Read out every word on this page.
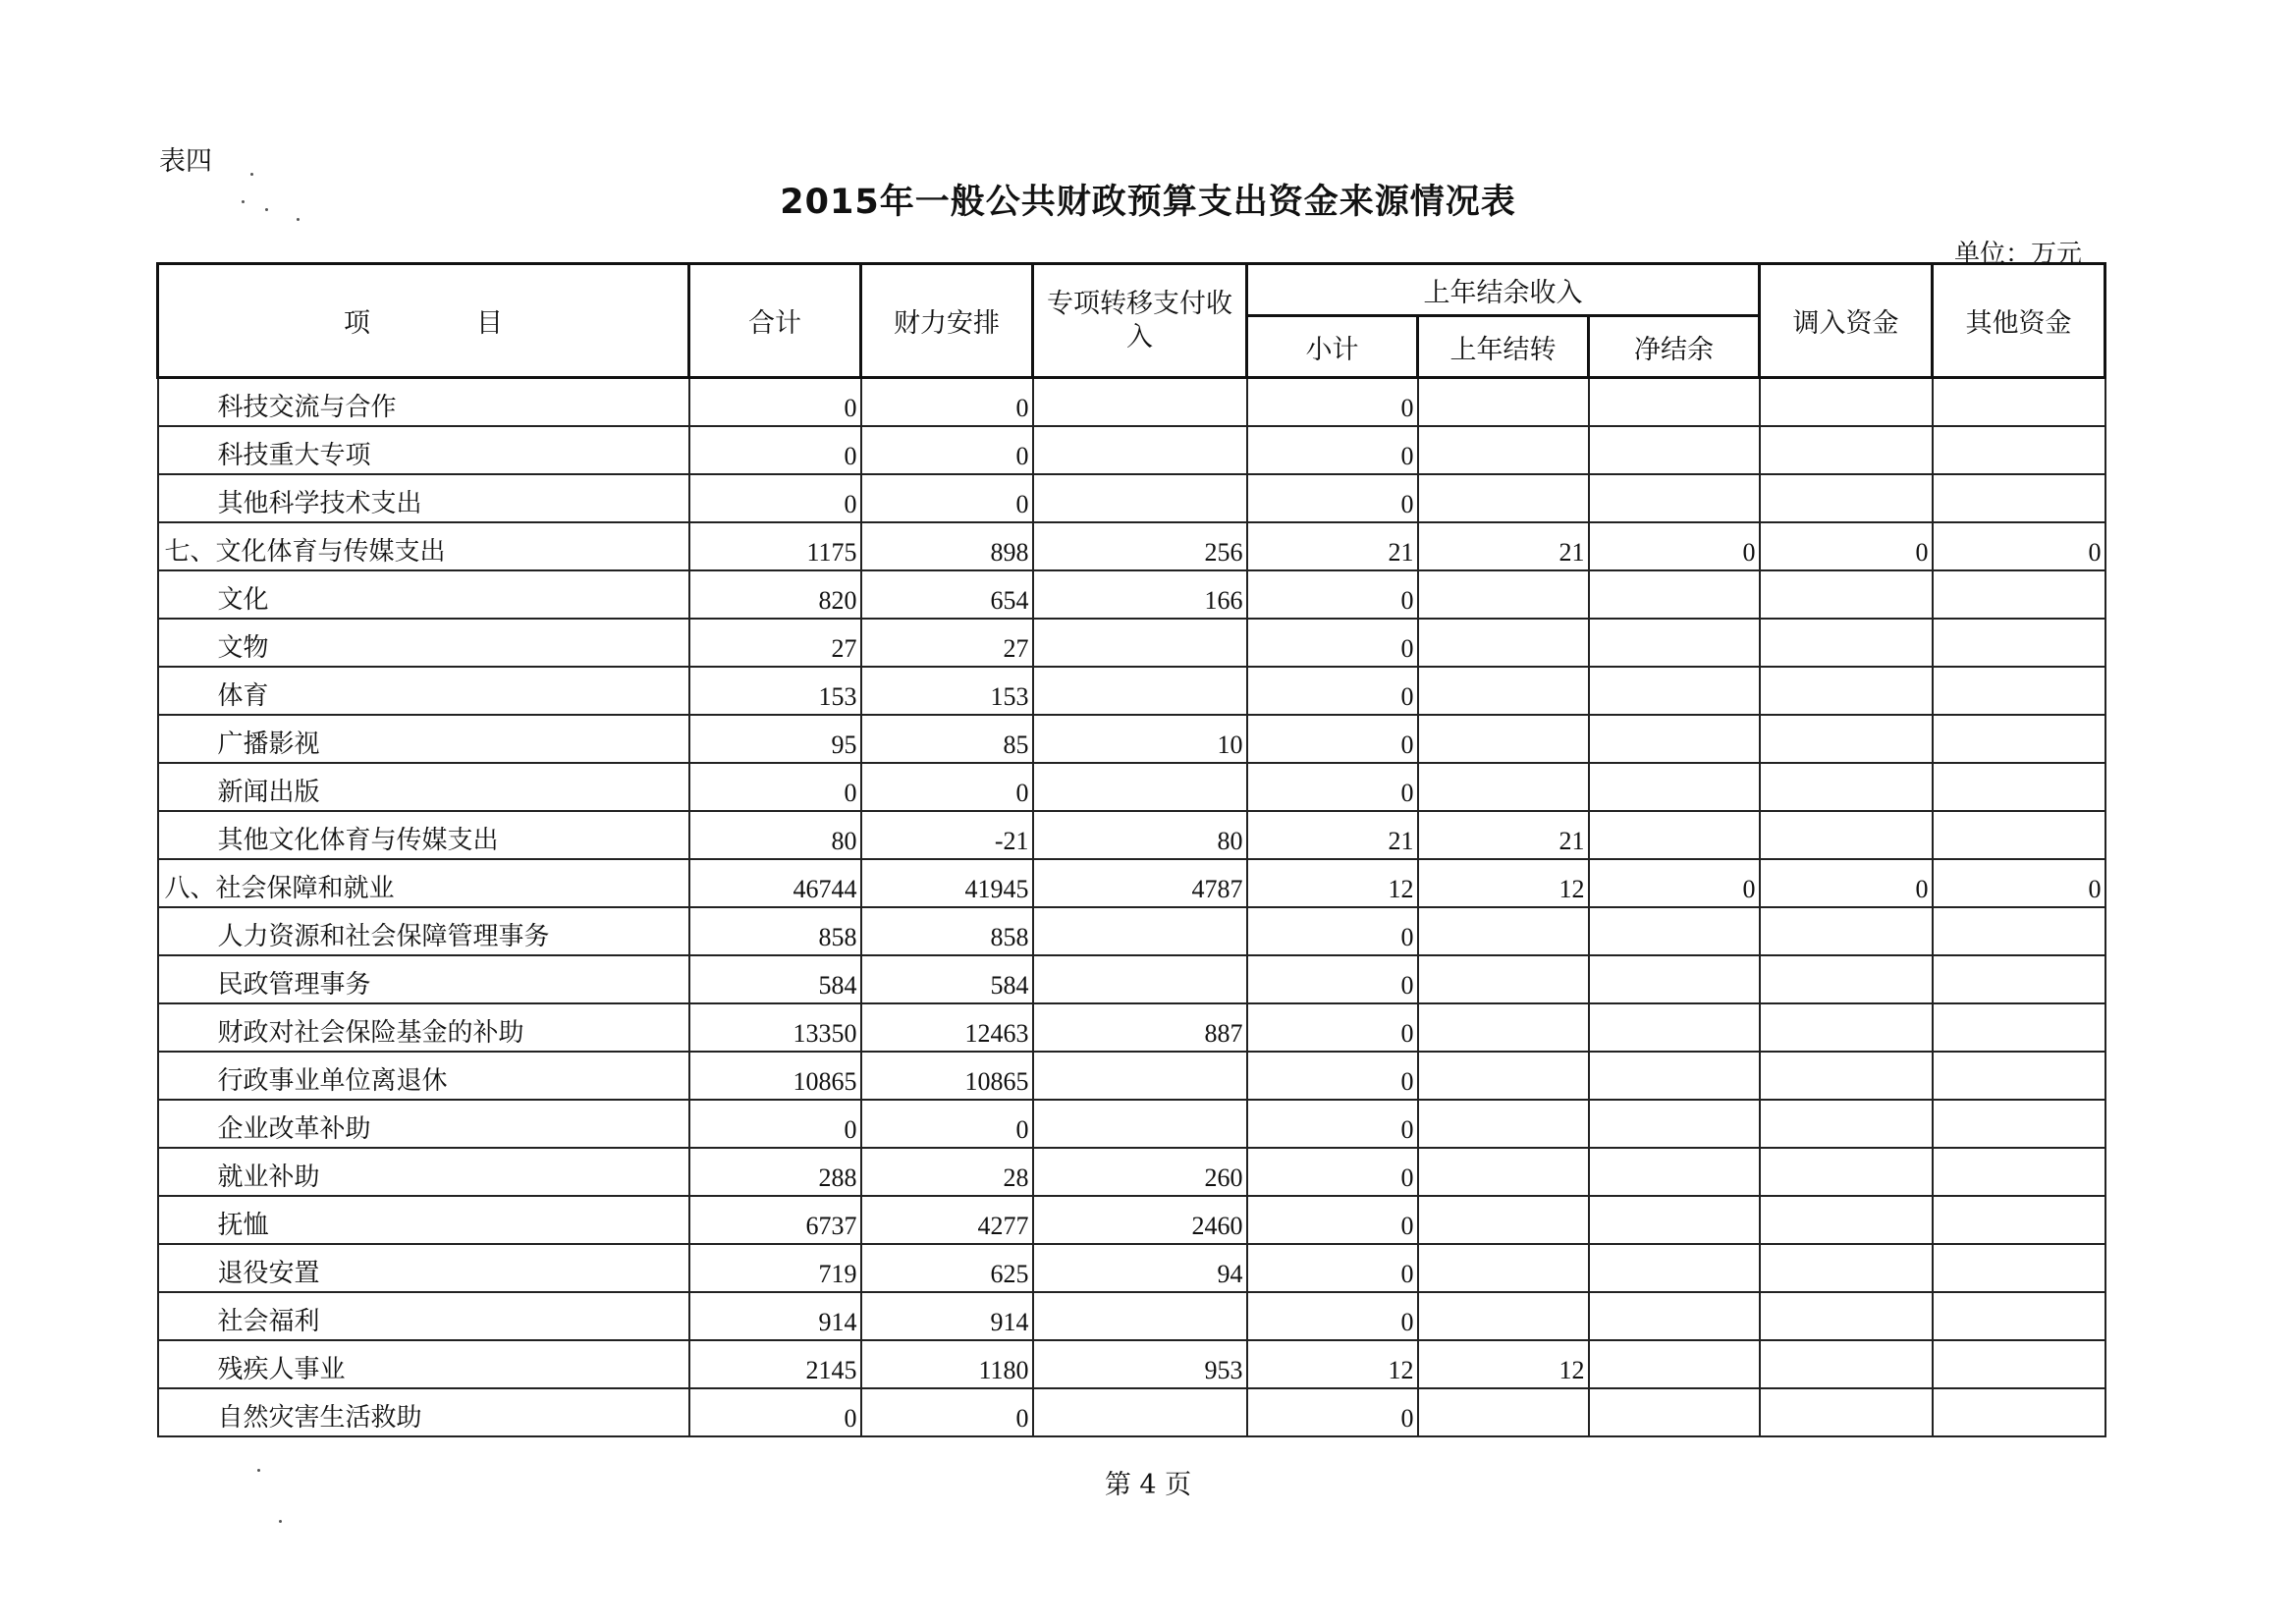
表四
2015年一般公共财政预算支出资金来源情况表
单位：万元
项　　　　目	合计	财力安排	专项转移支付收入	上年结余收入			调入资金	其他资金
				小计	上年结转	净结余		
科技交流与合作	0	0		0				
科技重大专项	0	0		0				
其他科学技术支出	0	0		0				
七、文化体育与传媒支出	1175	898	256	21	21	0	0	0
文化	820	654	166	0				
文物	27	27		0				
体育	153	153		0				
广播影视	95	85	10	0				
新闻出版	0	0		0				
其他文化体育与传媒支出	80	-21	80	21	21			
八、社会保障和就业	46744	41945	4787	12	12	0	0	0
人力资源和社会保障管理事务	858	858		0				
民政管理事务	584	584		0				
财政对社会保险基金的补助	13350	12463	887	0				
行政事业单位离退休	10865	10865		0				
企业改革补助	0	0		0				
就业补助	288	28	260	0				
抚恤	6737	4277	2460	0				
退役安置	719	625	94	0				
社会福利	914	914		0				
残疾人事业	2145	1180	953	12	12			
自然灾害生活救助	0	0		0				
第 4 页
